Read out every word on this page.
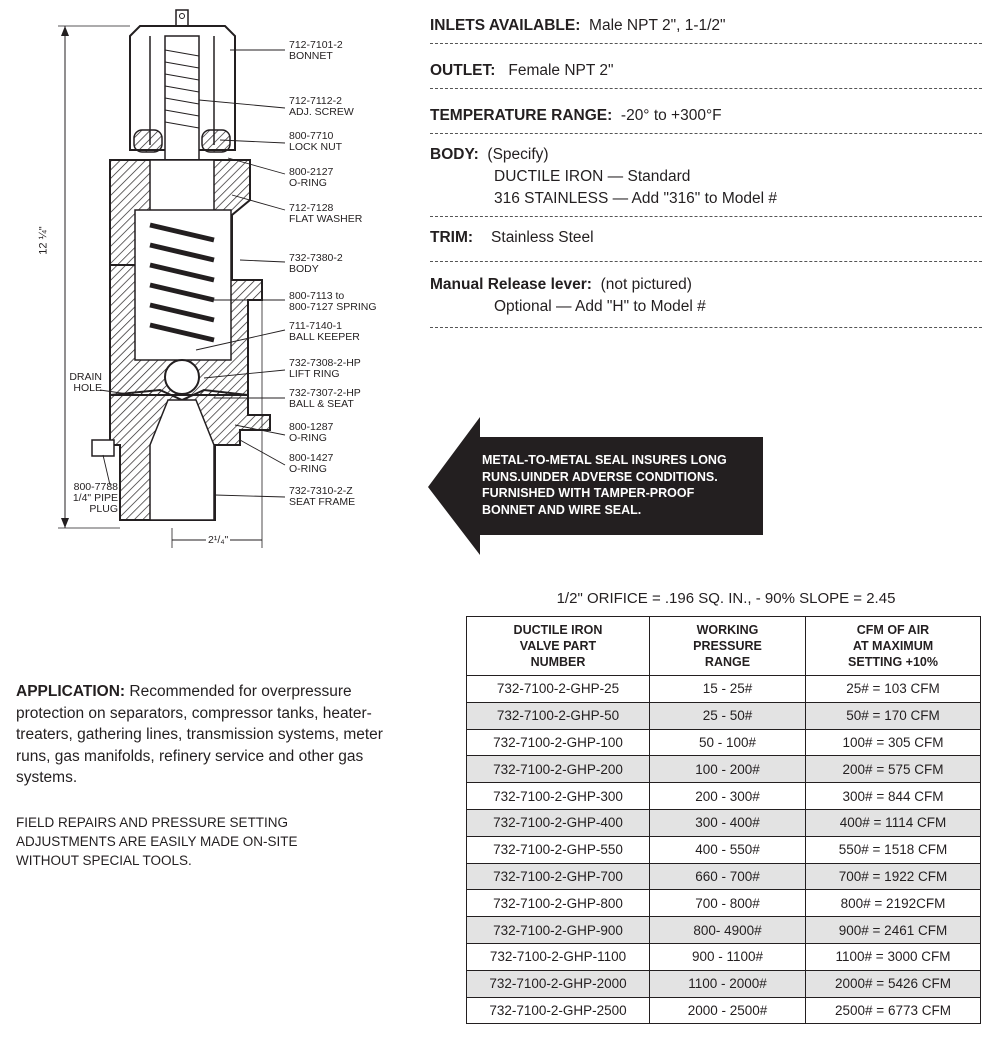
712-7101-2
BONNET
712-7112-2
ADJ. SCREW
800-7710
LOCK NUT
800-2127
O-RING
712-7128
FLAT WASHER
732-7380-2
BODY
800-7113 to
800-7127 SPRING
711-7140-1
BALL KEEPER
732-7308-2-HP
LIFT RING
732-7307-2-HP
BALL & SEAT
800-1287
O-RING
800-1427
O-RING
732-7310-2-Z
SEAT FRAME
DRAIN
HOLE
800-7788
1/4" PIPE
PLUG
12 ¼"
2¹/₄"
INLETS AVAILABLE: Male NPT 2", 1-1/2"
OUTLET: Female NPT 2"
TEMPERATURE RANGE: -20° to +300°F
BODY: (Specify)
DUCTILE IRON — Standard
316 STAINLESS — Add "316" to Model #
TRIM: Stainless Steel
Manual Release lever: (not pictured)
Optional — Add "H" to Model #
METAL-TO-METAL SEAL INSURES LONG
RUNS.UINDER ADVERSE CONDITIONS.
FURNISHED WITH TAMPER-PROOF
BONNET AND WIRE SEAL.
APPLICATION: Recommended for overpressure protection on separators, compressor tanks, heater-treaters, gathering lines, transmission systems, meter runs, gas manifolds, refinery service and other gas systems.
FIELD REPAIRS AND PRESSURE SETTING
ADJUSTMENTS ARE EASILY MADE ON-SITE
WITHOUT SPECIAL TOOLS.
1/2" ORIFICE = .196 SQ. IN., - 90% SLOPE = 2.45
DUCTILE IRON
VALVE PART
NUMBER	WORKING
PRESSURE
RANGE	CFM OF AIR
AT MAXIMUM
SETTING +10%
732-7100-2-GHP-25	15 - 25#	25# = 103 CFM
732-7100-2-GHP-50	25 - 50#	50# = 170 CFM
732-7100-2-GHP-100	50 - 100#	100# = 305 CFM
732-7100-2-GHP-200	100 - 200#	200# = 575 CFM
732-7100-2-GHP-300	200 - 300#	300# = 844 CFM
732-7100-2-GHP-400	300 - 400#	400# = 1114 CFM
732-7100-2-GHP-550	400 - 550#	550# = 1518 CFM
732-7100-2-GHP-700	660 - 700#	700# = 1922 CFM
732-7100-2-GHP-800	700 - 800#	800# = 2192CFM
732-7100-2-GHP-900	800- 4900#	900# = 2461 CFM
732-7100-2-GHP-1100	900 - 1100#	1100# = 3000 CFM
732-7100-2-GHP-2000	1100 - 2000#	2000# = 5426 CFM
732-7100-2-GHP-2500	2000 - 2500#	2500# = 6773 CFM
